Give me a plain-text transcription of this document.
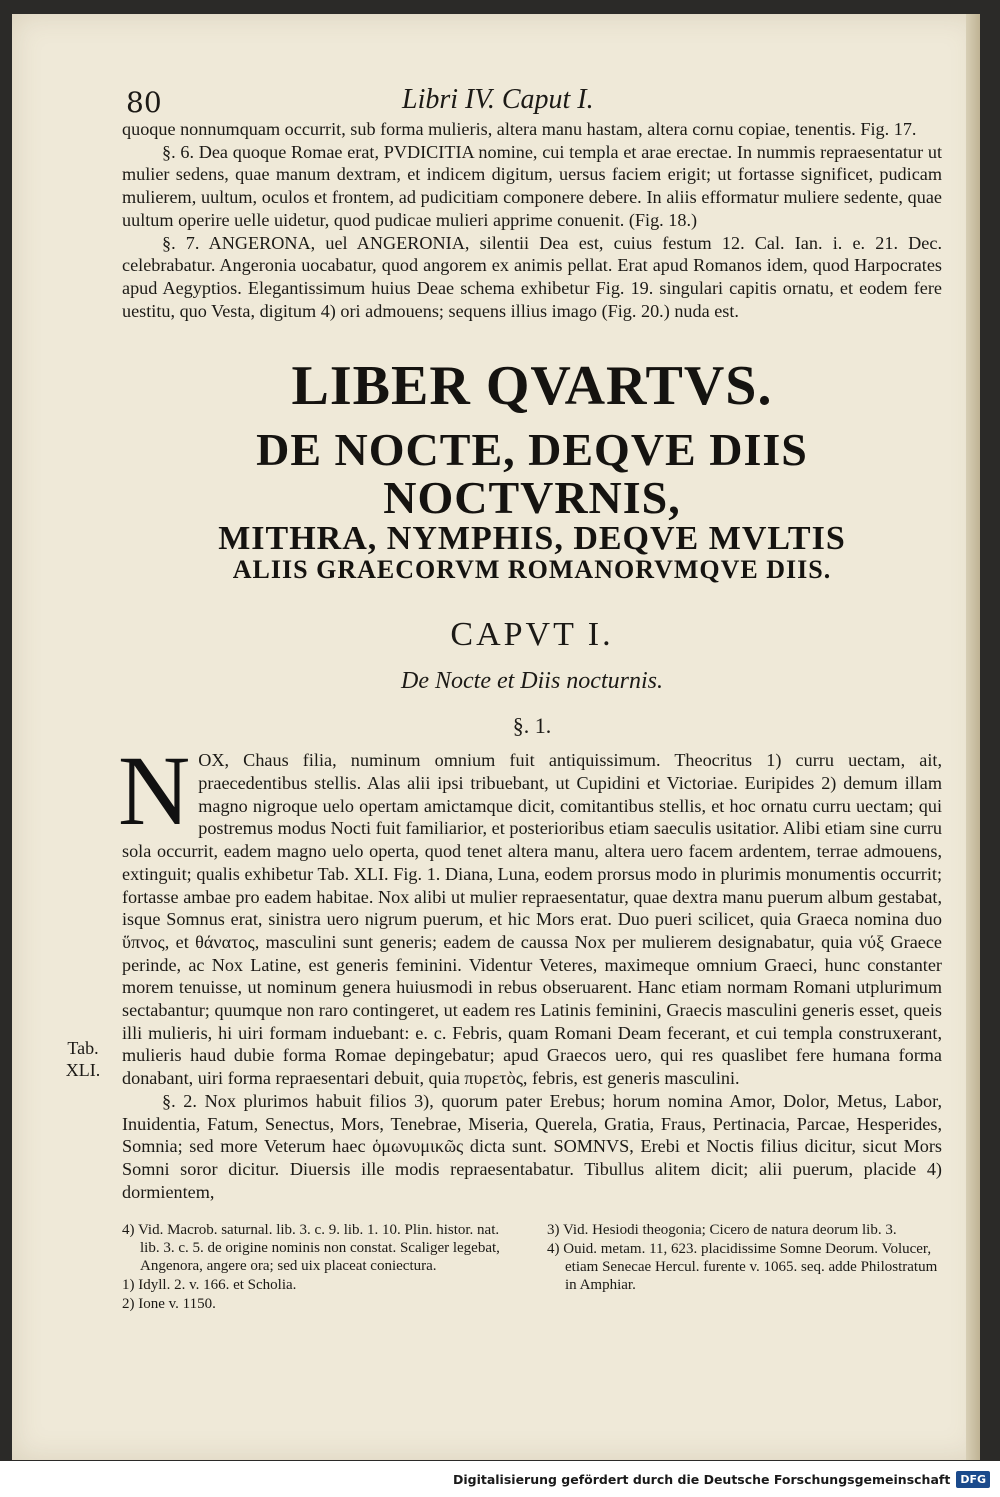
80	Libri IV. Caput I.

quoque nonnumquam occurrit, sub forma mulieris, altera manu hastam, altera cornu copiae, tenentis. Fig. 17.

§. 6. Dea quoque Romae erat, PVDICITIA nomine, cui templa et arae erectae. In nummis repraesentatur ut mulier sedens, quae manum dextram, et indicem digitum, uersus faciem erigit; ut fortasse significet, pudicam mulierem, uultum, oculos et frontem, ad pudicitiam componere debere. In aliis efformatur muliere sedente, quae uultum operire uelle uidetur, quod pudicae mulieri apprime conuenit. (Fig. 18.)

§. 7. ANGERONA, uel ANGERONIA, silentii Dea est, cuius festum 12. Cal. Ian. i. e. 21. Dec. celebrabatur. Angeronia uocabatur, quod angorem ex animis pellat. Erat apud Romanos idem, quod Harpocrates apud Aegyptios. Elegantissimum huius Deae schema exhibetur Fig. 19. singulari capitis ornatu, et eodem fere uestitu, quo Vesta, digitum 4) ori admouens; sequens illius imago (Fig. 20.) nuda est.

LIBER QVARTVS.
DE NOCTE, DEQVE DIIS NOCTVRNIS,
MITHRA, NYMPHIS, DEQVE MVLTIS
ALIIS GRAECORVM ROMANORVMQVE DIIS.
CAPVT I.
De Nocte et Diis nocturnis.
§. 1.
Tab.
XLI.
N OX, Chaus filia, numinum omnium fuit antiquissimum. Theocritus 1) curru uectam, ait, praecedentibus stellis. Alas alii ipsi tribuebant, ut Cupidini et Victoriae. Euripides 2) demum illam magno nigroque uelo opertam amictamque dicit, comitantibus stellis, et hoc ornatu curru uectam; qui postremus modus Nocti fuit familiarior, et posterioribus etiam saeculis usitatior. Alibi etiam sine curru sola occurrit, eadem magno uelo operta, quod tenet altera manu, altera uero facem ardentem, terrae admouens, extinguit; qualis exhibetur Tab. XLI. Fig. 1. Diana, Luna, eodem prorsus modo in plurimis monumentis occurrit; fortasse ambae pro eadem habitae. Nox alibi ut mulier repraesentatur, quae dextra manu puerum album gestabat, isque Somnus erat, sinistra uero nigrum puerum, et hic Mors erat. Duo pueri scilicet, quia Graeca nomina duo ὕπνος, et θάνατος, masculini sunt generis; eadem de caussa Nox per mulierem designabatur, quia νύξ Graece perinde, ac Nox Latine, est generis feminini. Videntur Veteres, maximeque omnium Graeci, hunc constanter morem tenuisse, ut nominum genera huiusmodi in rebus obseruarent. Hanc etiam normam Romani utplurimum sectabantur; quumque non raro contingeret, ut eadem res Latinis feminini, Graecis masculini generis esset, queis illi mulieris, hi uiri formam induebant: e. c. Febris, quam Romani Deam fecerant, et cui templa construxerant, mulieris haud dubie forma Romae depingebatur; apud Graecos uero, qui res quaslibet fere humana forma donabant, uiri forma repraesentari debuit, quia πυρετὸς, febris, est generis masculini.

§. 2. Nox plurimos habuit filios 3), quorum pater Erebus; horum nomina Amor, Dolor, Metus, Labor, Inuidentia, Fatum, Senectus, Mors, Tenebrae, Miseria, Querela, Gratia, Fraus, Pertinacia, Parcae, Hesperides, Somnia; sed more Veterum haec ὁμωνυμικῶς dicta sunt. SOMNVS, Erebi et Noctis filius dicitur, sicut Mors Somni soror dicitur. Diuersis ille modis repraesentabatur. Tibullus alitem dicit; alii puerum, placide 4) dormientem,

4) Vid. Macrob. saturnal. lib. 3. c. 9. lib. 1. 10. Plin. histor. nat. lib. 3. c. 5. de origine nominis non constat. Scaliger legebat, Angenora, angere ora; sed uix placeat coniectura.

1) Idyll. 2. v. 166. et Scholia.

2) Ione v. 1150.

3) Vid. Hesiodi theogonia; Cicero de natura deorum lib. 3.

4) Ouid. metam. 11, 623. placidissime Somne Deorum. Volucer, etiam Senecae Hercul. furente v. 1065. seq. adde Philostratum in Amphiar.

Digitalisierung gefördert durch die Deutsche Forschungsgemeinschaft DFG
